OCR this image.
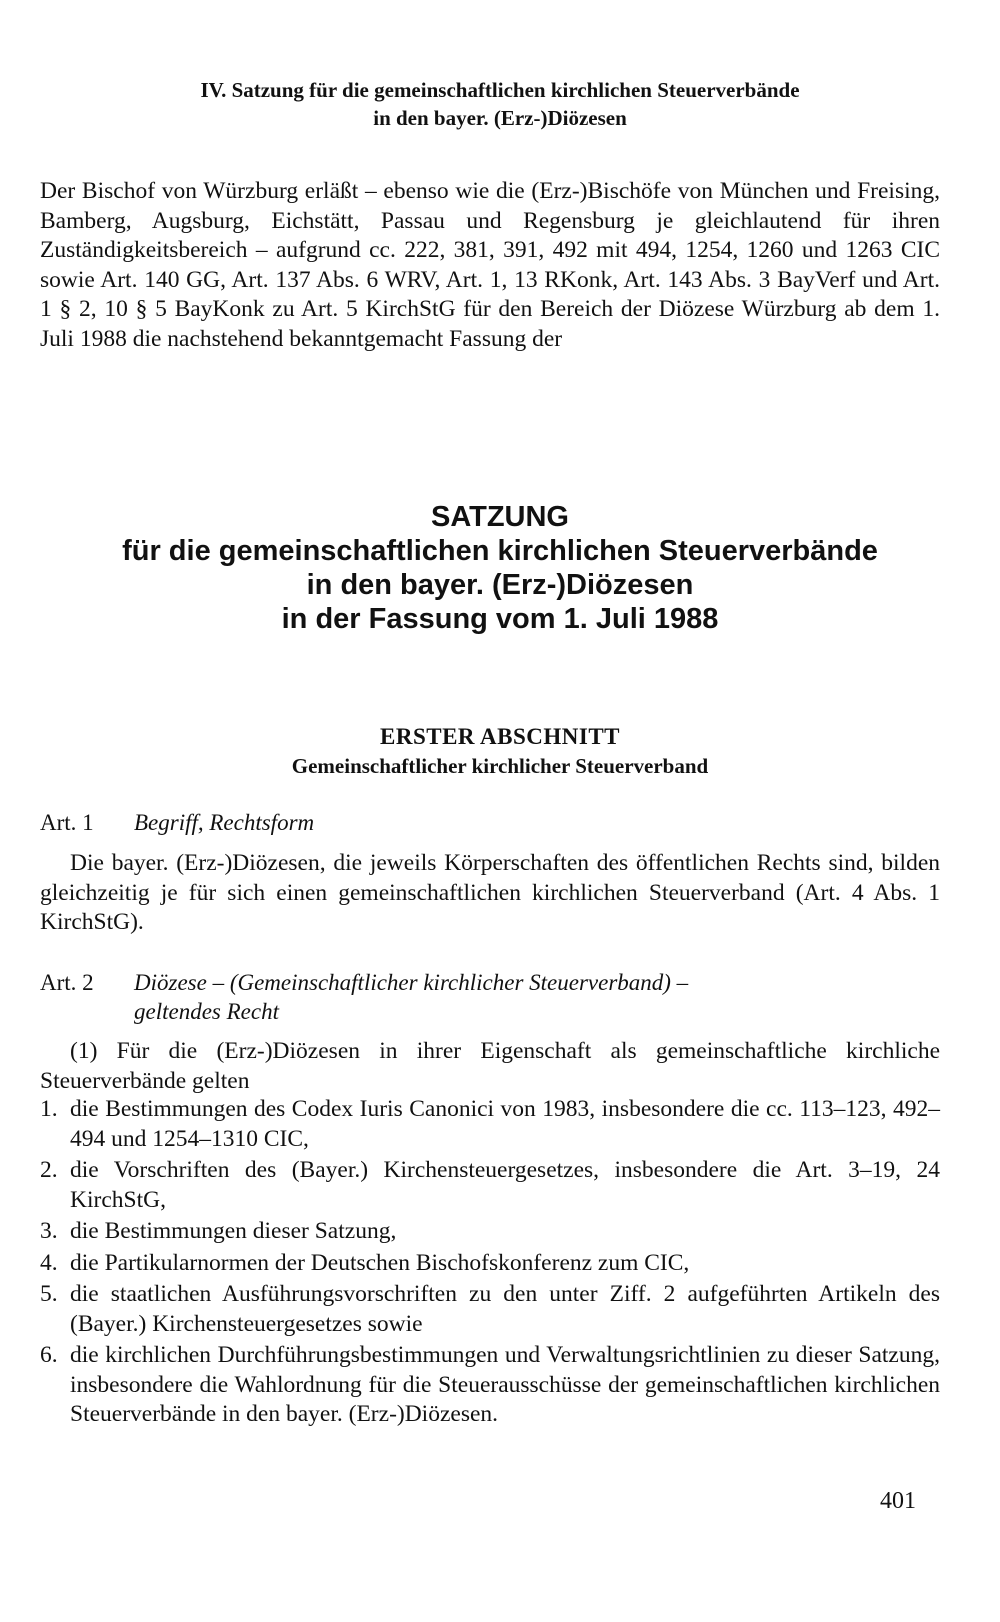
IV. Satzung für die gemeinschaftlichen kirchlichen Steuerverbände
in den bayer. (Erz-)Diözesen
Der Bischof von Würzburg erläßt – ebenso wie die (Erz-)Bischöfe von München und Freising, Bamberg, Augsburg, Eichstätt, Passau und Regensburg je gleichlautend für ihren Zuständigkeitsbereich – aufgrund cc. 222, 381, 391, 492 mit 494, 1254, 1260 und 1263 CIC sowie Art. 140 GG, Art. 137 Abs. 6 WRV, Art. 1, 13 RKonk, Art. 143 Abs. 3 BayVerf und Art. 1 § 2, 10 § 5 BayKonk zu Art. 5 KirchStG für den Bereich der Diözese Würzburg ab dem 1. Juli 1988 die nachstehend bekanntgemacht Fassung der
SATZUNG
für die gemeinschaftlichen kirchlichen Steuerverbände
in den bayer. (Erz-)Diözesen
in der Fassung vom 1. Juli 1988
ERSTER ABSCHNITT
Gemeinschaftlicher kirchlicher Steuerverband
Art. 1 Begriff, Rechtsform
Die bayer. (Erz-)Diözesen, die jeweils Körperschaften des öffentlichen Rechts sind, bilden gleichzeitig je für sich einen gemeinschaftlichen kirchlichen Steuerverband (Art. 4 Abs. 1 KirchStG).
Art. 2 Diözese – (Gemeinschaftlicher kirchlicher Steuerverband) –
geltendes Recht
(1) Für die (Erz-)Diözesen in ihrer Eigenschaft als gemeinschaftliche kirchliche Steuerverbände gelten
1. die Bestimmungen des Codex Iuris Canonici von 1983, insbesondere die cc. 113–123, 492–494 und 1254–1310 CIC,
2. die Vorschriften des (Bayer.) Kirchensteuergesetzes, insbesondere die Art. 3–19, 24 KirchStG,
3. die Bestimmungen dieser Satzung,
4. die Partikularnormen der Deutschen Bischofskonferenz zum CIC,
5. die staatlichen Ausführungsvorschriften zu den unter Ziff. 2 aufgeführten Artikeln des (Bayer.) Kirchensteuergesetzes sowie
6. die kirchlichen Durchführungsbestimmungen und Verwaltungsrichtlinien zu dieser Satzung, insbesondere die Wahlordnung für die Steuerausschüsse der gemeinschaftlichen kirchlichen Steuerverbände in den bayer. (Erz-)Diözesen.
401
